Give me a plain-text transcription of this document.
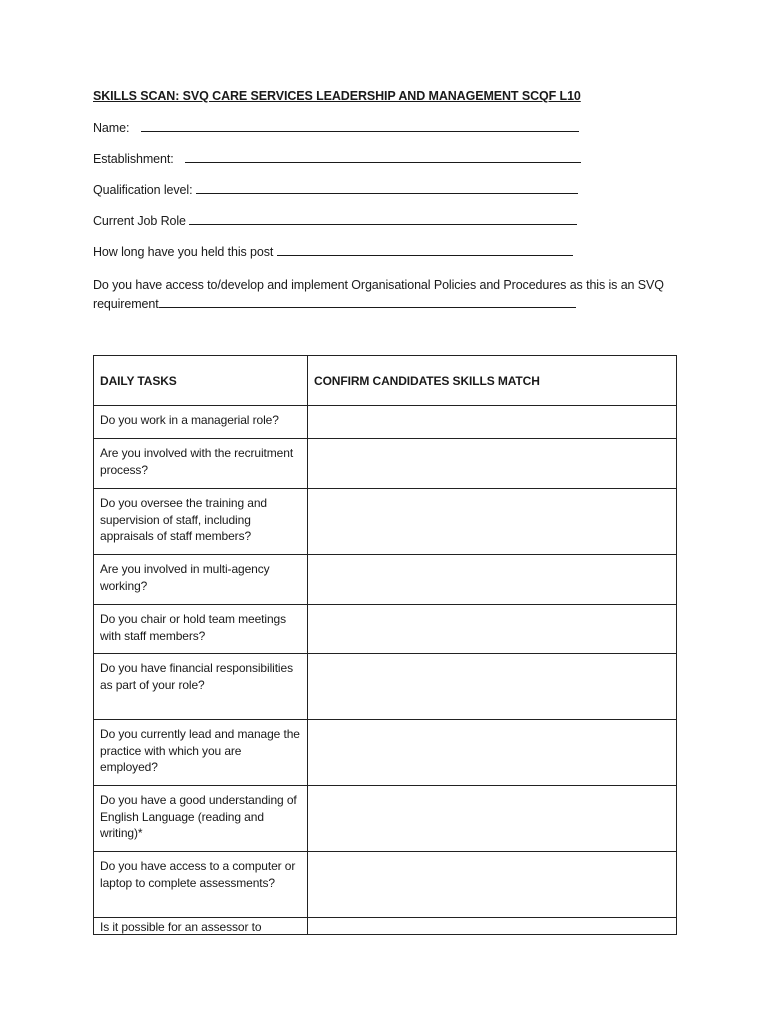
SKILLS SCAN: SVQ CARE SERVICES LEADERSHIP AND MANAGEMENT SCQF L10
Name:
Establishment:
Qualification level:
Current Job Role
How long have you held this post
Do you have access to/develop and implement Organisational Policies and Procedures as this is an SVQ requirement
DAILY TASKS	CONFIRM CANDIDATES SKILLS MATCH
Do you work in a managerial role?	
Are you involved with the recruitment process?	
Do you oversee the training and supervision of staff, including appraisals of staff members?	
Are you involved in multi-agency working?	
Do you chair or hold team meetings with staff members?	
Do you have financial responsibilities as part of your role?	
Do you currently lead and manage the practice with which you are employed?	
Do you have a good understanding of English Language (reading and writing)*	
Do you have access to a computer or laptop to complete assessments?	
Is it possible for an assessor to	
